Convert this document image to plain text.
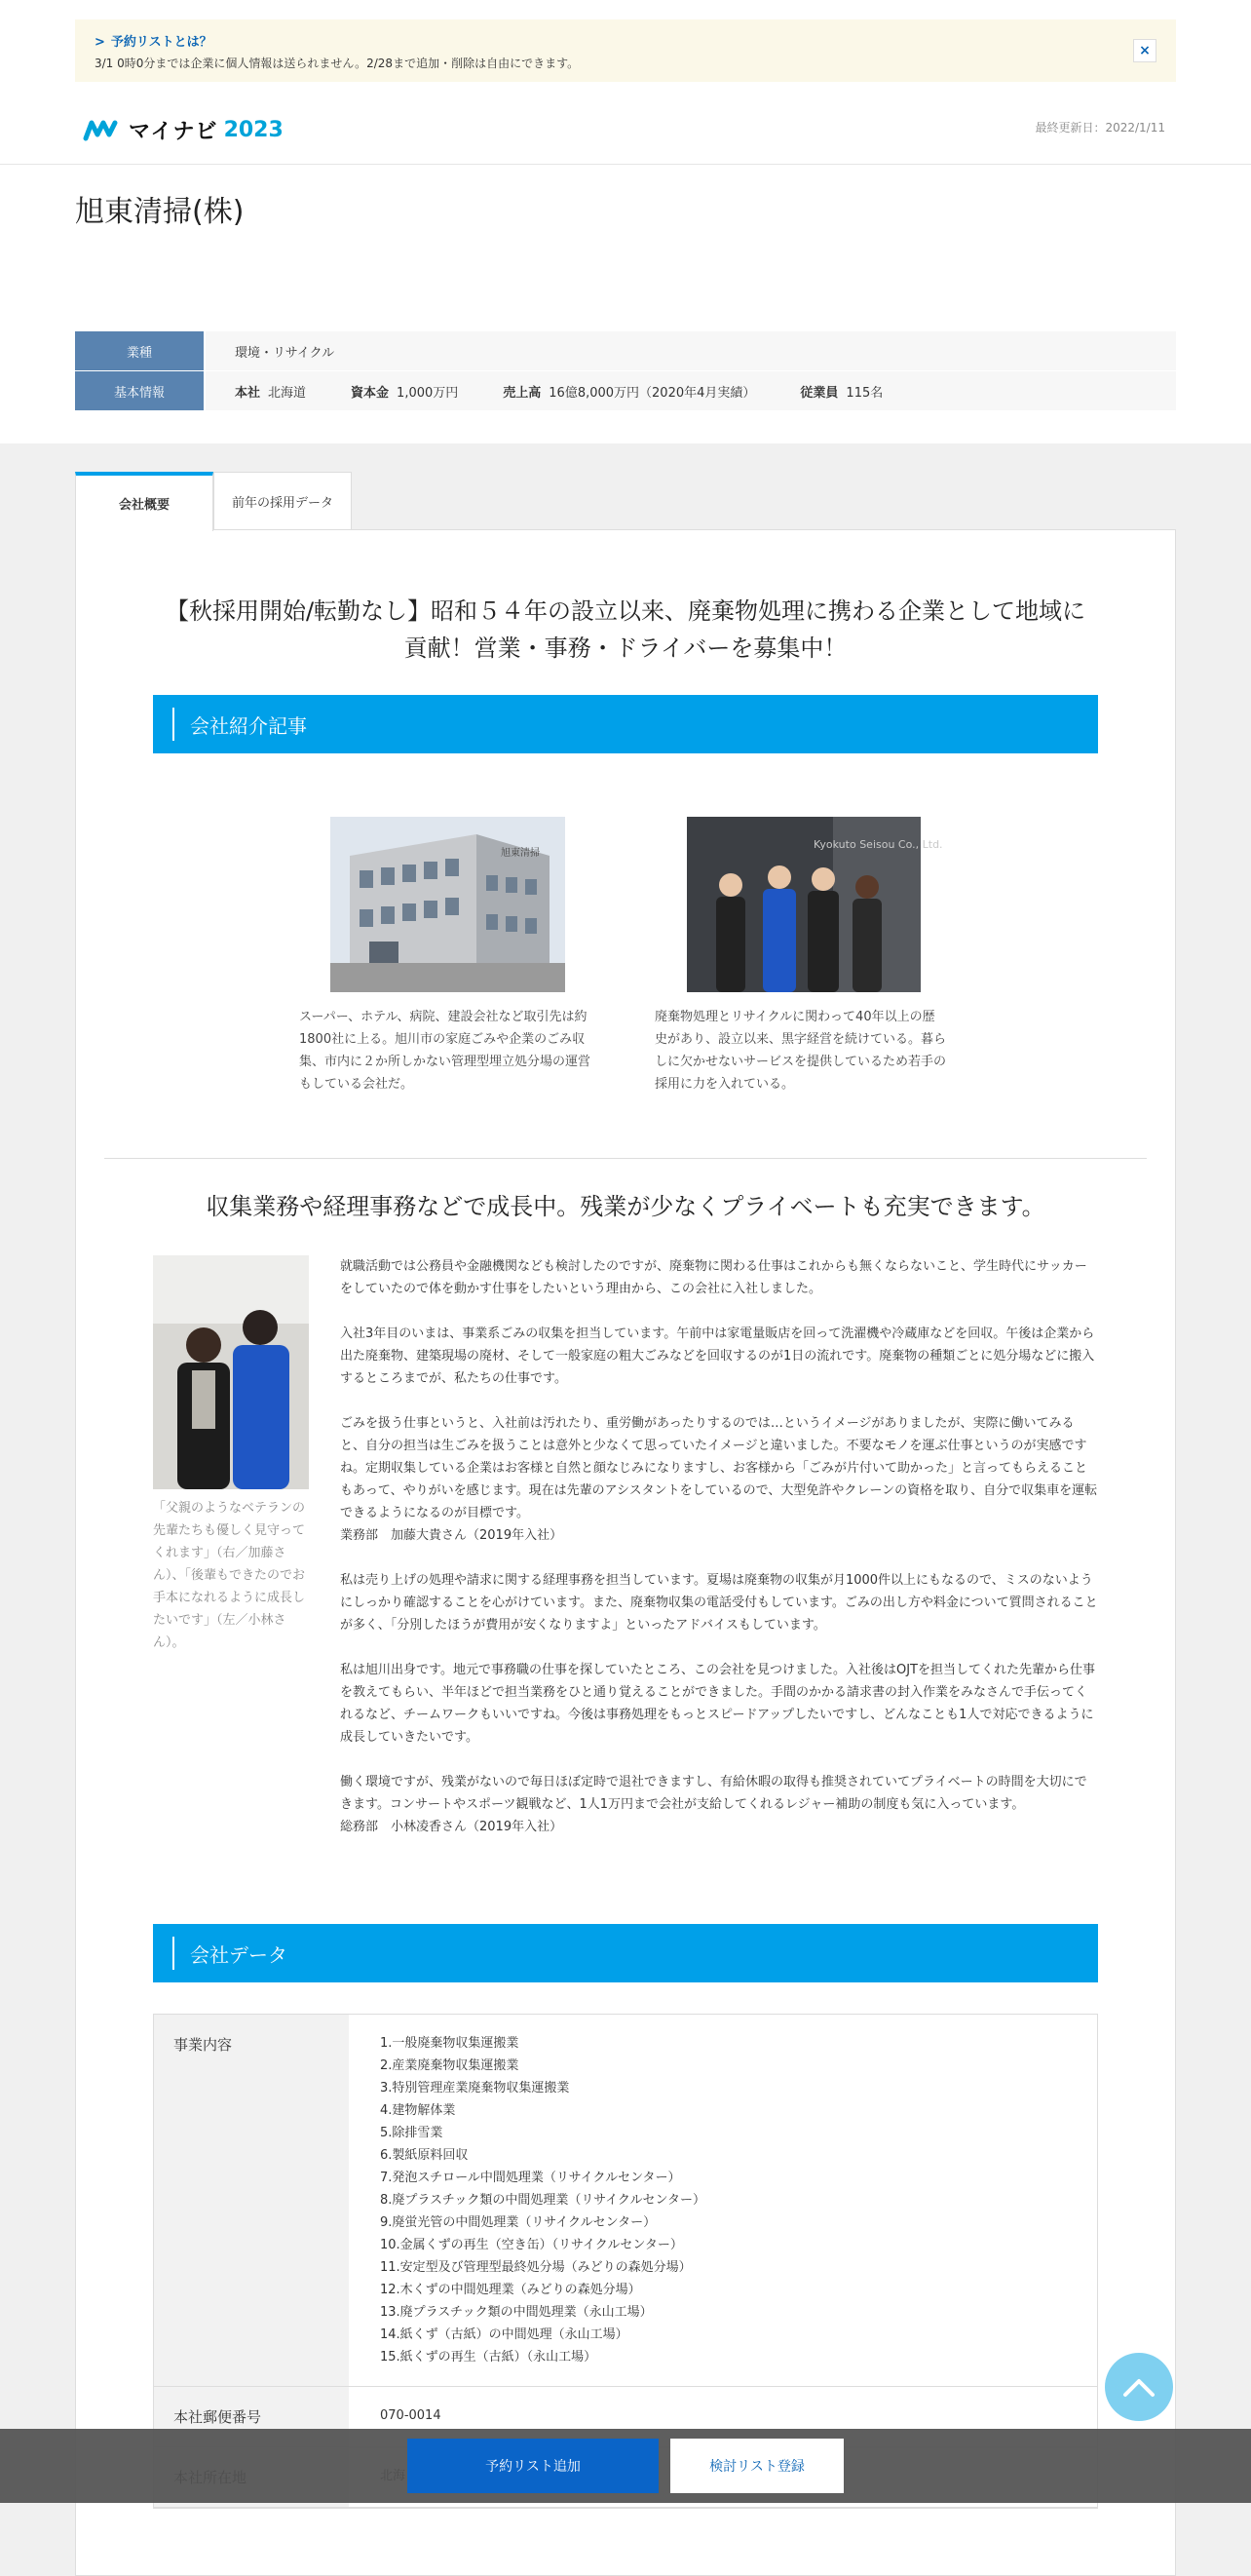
> 予約リストとは？
3/1 0時0分までは企業に個人情報は送られません。2/28まで追加・削除は自由にできます。
×
マイナビ 2023	最終更新日：2022/1/11
旭東清掃(株)
業種	環境・リサイクル
基本情報	本社 北海道	資本金 1,000万円	売上高 16億8,000万円（2020年4月実績）	従業員 115名
会社概要	前年の採用データ
【秋採用開始/転勤なし】昭和５４年の設立以来、廃棄物処理に携わる企業として地域に
貢献！営業・事務・ドライバーを募集中！
会社紹介記事
旭東清掃
スーパー、ホテル、病院、建設会社など取引先は約1800社に上る。旭川市の家庭ごみや企業のごみ収集、市内に２か所しかない管理型埋立処分場の運営もしている会社だ。
Kyokuto Seisou Co., Ltd.
廃棄物処理とリサイクルに関わって40年以上の歴史があり、設立以来、黒字経営を続けている。暮らしに欠かせないサービスを提供しているため若手の採用に力を入れている。
収集業務や経理事務などで成長中。残業が少なくプライベートも充実できます。
「父親のようなベテランの先輩たちも優しく見守ってくれます」（右／加藤さん）、「後輩もできたのでお手本になれるように成長したいです」（左／小林さん）。

就職活動では公務員や金融機関なども検討したのですが、廃棄物に関わる仕事はこれからも無くならないこと、学生時代にサッカーをしていたので体を動かす仕事をしたいという理由から、この会社に入社しました。

入社3年目のいまは、事業系ごみの収集を担当しています。午前中は家電量販店を回って洗濯機や冷蔵庫などを回収。午後は企業から出た廃棄物、建築現場の廃材、そして一般家庭の粗大ごみなどを回収するのが1日の流れです。廃棄物の種類ごとに処分場などに搬入するところまでが、私たちの仕事です。

ごみを扱う仕事というと、入社前は汚れたり、重労働があったりするのでは…というイメージがありましたが、実際に働いてみると、自分の担当は生ごみを扱うことは意外と少なくて思っていたイメージと違いました。不要なモノを運ぶ仕事というのが実感ですね。定期収集している企業はお客様と自然と顔なじみになりますし、お客様から「ごみが片付いて助かった」と言ってもらえることもあって、やりがいを感じます。現在は先輩のアシスタントをしているので、大型免許やクレーンの資格を取り、自分で収集車を運転できるようになるのが目標です。

業務部　加藤大貴さん（2019年入社）

私は売り上げの処理や請求に関する経理事務を担当しています。夏場は廃棄物の収集が月1000件以上にもなるので、ミスのないようにしっかり確認することを心がけています。また、廃棄物収集の電話受付もしています。ごみの出し方や料金について質問されることが多く、「分別したほうが費用が安くなりますよ」といったアドバイスもしています。

私は旭川出身です。地元で事務職の仕事を探していたところ、この会社を見つけました。入社後はOJTを担当してくれた先輩から仕事を教えてもらい、半年ほどで担当業務をひと通り覚えることができました。手間のかかる請求書の封入作業をみなさんで手伝ってくれるなど、チームワークもいいですね。今後は事務処理をもっとスピードアップしたいですし、どんなことも1人で対応できるように成長していきたいです。

働く環境ですが、残業がないので毎日ほぼ定時で退社できますし、有給休暇の取得も推奨されていてプライベートの時間を大切にできます。コンサートやスポーツ観戦など、1人1万円まで会社が支給してくれるレジャー補助の制度も気に入っています。

総務部　小林凌香さん（2019年入社）

会社データ
事業内容	1.一般廃棄物収集運搬業
2.産業廃棄物収集運搬業
3.特別管理産業廃棄物収集運搬業
4.建物解体業
5.除排雪業
6.製紙原料回収
7.発泡スチロール中間処理業（リサイクルセンター）
8.廃プラスチック類の中間処理業（リサイクルセンター）
9.廃蛍光管の中間処理業（リサイクルセンター）
10.金属くずの再生（空き缶）（リサイクルセンター）
11.安定型及び管理型最終処分場（みどりの森処分場）
12.木くずの中間処理業（みどりの森処分場）
13.廃プラスチック類の中間処理業（永山工場）
14.紙くず（古紙）の中間処理（永山工場）
15.紙くずの再生（古紙）（永山工場）
本社郵便番号	070-0014
予約リスト追加	検討リスト登録
